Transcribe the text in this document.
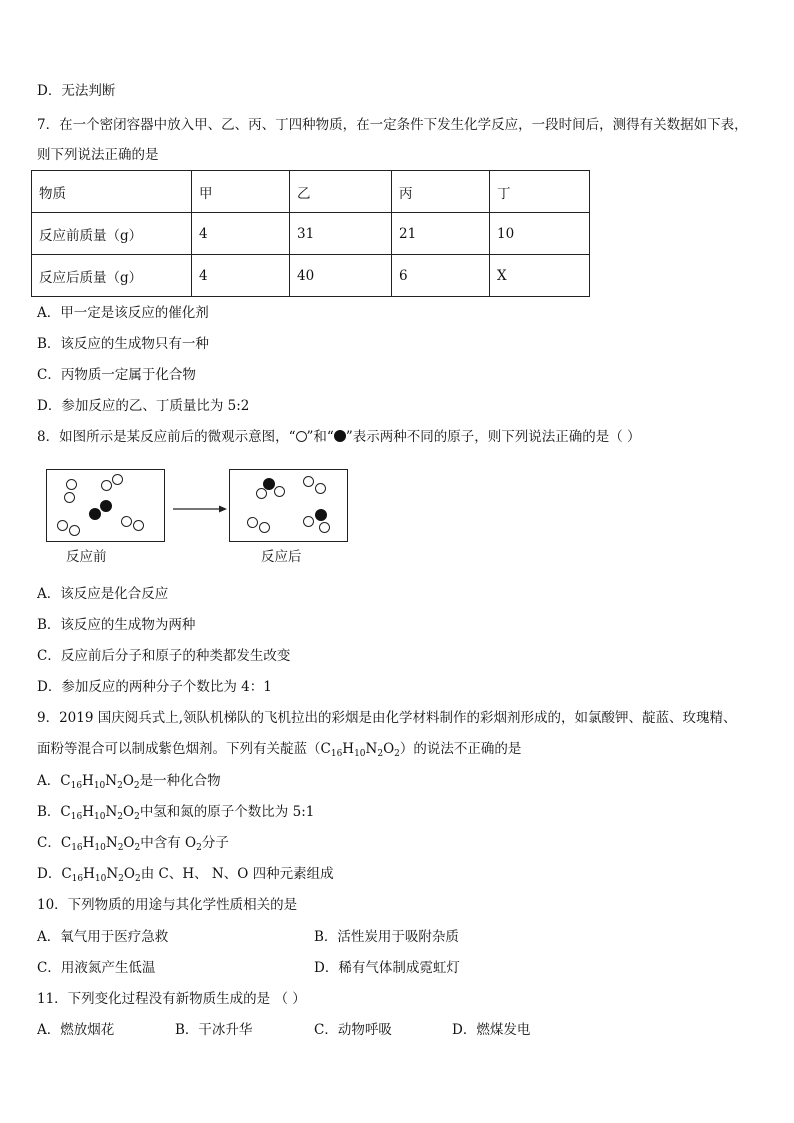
D．无法判断
7．在一个密闭容器中放入甲、乙、丙、丁四种物质，在一定条件下发生化学反应，一段时间后，测得有关数据如下表，
则下列说法正确的是
物质	甲	乙	丙	丁
反应前质量（g）	4	31	21	10
反应后质量（g）	4	40	6	X
A．甲一定是该反应的催化剂
B．该反应的生成物只有一种
C．丙物质一定属于化合物
D．参加反应的乙、丁质量比为 5:2
8．如图所示是某反应前后的微观示意图，“ ”和“ ”表示两种不同的原子，则下列说法正确的是（ ）
反应前	反应后
A．该反应是化合反应
B．该反应的生成物为两种
C．反应前后分子和原子的种类都发生改变
D．参加反应的两种分子个数比为 4：1
9．2019 国庆阅兵式上,领队机梯队的飞机拉出的彩烟是由化学材料制作的彩烟剂形成的，如氯酸钾、靛蓝、玫瑰精、
面粉等混合可以制成紫色烟剂。下列有关靛蓝$(C_{16}H_{10}N_2O_2)$的说法不正确的是
A．$C_{16}H_{10}N_2O_2$是一种化合物
B．$C_{16}H_{10}N_2O_2$中氢和氮的原子个数比为 5:1
C．$C_{16}H_{10}N_2O_2$中含有 $O_2$分子
D．$C_{16}H_{10}N_2O_2$由 C、H、 N、O 四种元素组成
10．下列物质的用途与其化学性质相关的是
A．氧气用于医疗急救	B．活性炭用于吸附杂质
C．用液氮产生低温	D．稀有气体制成霓虹灯
11．下列变化过程没有新物质生成的是 （ ）
A．燃放烟花	B．干冰升华	C．动物呼吸	D．燃煤发电
